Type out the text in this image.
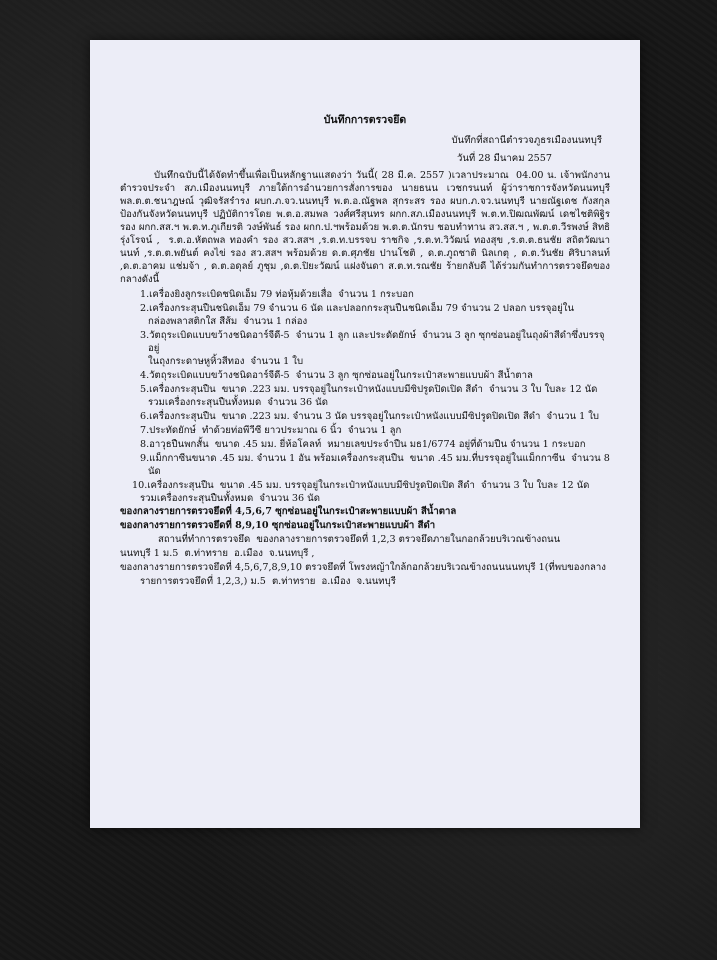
บันทึกการตรวจยึด
บันทึกที่สถานีตำรวจภูธรเมืองนนทบุรี
วันที่ 28 มีนาคม 2557

บันทึกฉบับนี้ได้จัดทำขึ้นเพื่อเป็นหลักฐานแสดงว่า วันนี้( 28 มี.ค. 2557 )เวลาประมาณ  04.00 น. เจ้าพนักงานตำรวจประจำ สภ.เมืองนนทบุรี ภายใต้การอำนวยการสั่งการของ นายธนน เวชกรนนท์ ผู้ว่าราชการจังหวัดนนทบุรี พล.ต.ต.ชนาฎษณ์ วุฒิจรัสรำรง ผบก.ภ.จว.นนทบุรี พ.ต.อ.ณัฐพล สุกระสร รอง ผบก.ภ.จว.นนทบุรี นายณัฐเดช กังสกุล ป้องกันจังหวัดนนทบุรี ปฏิบัติการโดย พ.ต.อ.สมพล วงศ์ศรีสุนทร ผกก.สภ.เมืองนนทบุรี พ.ต.ท.ปิฒณพัฒน์ เดชไชติพิฐิร รอง ผกก.สส.ฯ พ.ต.ท.ภูเกียรติ วงษ์พันธ์ รอง ผกก.ป.ฯพร้อมด้วย พ.ต.ต.นักรบ ชอบทำทาน สว.สส.ฯ , พ.ต.ต.วีรพงษ์ สิทธิรุ่งโรจน์ ,  ร.ต.อ.หัตถพล ทองคำ รอง สว.สสฯ ,ร.ต.ท.บรรจบ ราชกิจ ,ร.ต.ท.วิวัฒน์ ทองสุข ,ร.ต.ต.ธนชัย สถิตวัฒนานนท์ ,ร.ต.ต.พยันต์ คงไข่ รอง สว.สสฯ พร้อมด้วย ด.ต.ศุภชัย ปานโชติ , ด.ต.ภูถชาติ นิลเกตุ , ด.ต.วันชัย ศิริบาลนท์ ,ด.ต.อาคม แช่มจ้า , ด.ต.อดุลย์ ภูชุม ,ด.ต.ปิยะวัฒน์ แฝงจันดา ส.ต.ท.รณชัย ร้ายกลับดี ได้ร่วมกันทำการตรวจยึดของกลางดังนี้

1.เครื่องยิงลูกระเบิดชนิดเอ็ม 79 ท่อหุ้มด้วยเสื่อ  จำนวน 1 กระบอก

2.เครื่องกระสุนปืนชนิดเอ็ม 79 จำนวน 6 นัด และปลอกกระสุนปืนชนิดเอ็ม 79 จำนวน 2 ปลอก บรรจุอยู่ใน
กล่องพลาสติกใส สีส้ม  จำนวน 1 กล่อง

3.วัตถุระเบิดแบบขว้างชนิดอาร์จีดี-5  จำนวน 1 ลูก และประดัดยักษ์  จำนวน 3 ลูก ซุกซ่อนอยู่ในถุงผ้าสีดำซึ่งบรรจุอยู่
ในถุงกระดาษหูหิ้วสีทอง  จำนวน 1 ใบ

4.วัตถุระเบิดแบบขว้างชนิดอาร์จีดี-5  จำนวน 3 ลูก ซุกซ่อนอยู่ในกระเป๋าสะพายแบบผ้า สีน้ำตาล

5.เครื่องกระสุนปืน  ขนาด .223 มม. บรรจุอยู่ในกระเป๋าหนังแบบมีซิปรูดปิดเปิด สีดำ  จำนวน 3 ใบ ใบละ 12 นัด
รวมเครื่องกระสุนปืนทั้งหมด  จำนวน 36 นัด

6.เครื่องกระสุนปืน  ขนาด .223 มม. จำนวน 3 นัด บรรจุอยู่ในกระเป๋าหนังแบบมีซิปรูดปิดเปิด สีดำ  จำนวน 1 ใบ

7.ประทัดยักษ์  ทำด้วยท่อพีวีซี ยาวประมาณ 6 นิ้ว  จำนวน 1 ลูก

8.อาวุธปืนพกสั้น  ขนาด .45 มม. ยี่ห้อโคลท์  หมายเลขประจำปืน มธ1/6774 อยู่ที่ด้ามปืน จำนวน 1 กระบอก

9.แม็กกาซีนขนาด .45 มม. จำนวน 1 อัน พร้อมเครื่องกระสุนปืน  ขนาด .45 มม.ที่บรรจุอยู่ในแม็กกาซีน  จำนวน 8 นัด

10.เครื่องกระสุนปืน  ขนาด .45 มม. บรรจุอยู่ในกระเป๋าหนังแบบมีซิปรูดปิดเปิด สีดำ  จำนวน 3 ใบ ใบละ 12 นัด
รวมเครื่องกระสุนปืนทั้งหมด  จำนวน 36 นัด

ของกลางรายการตรวจยึดที่ 4,5,6,7 ซุกซ่อนอยู่ในกระเป๋าสะพายแบบผ้า สีน้ำตาล

ของกลางรายการตรวจยึดที่ 8,9,10 ซุกซ่อนอยู่ในกระเป๋าสะพายแบบผ้า สีดำ

สถานที่ทำการตรวจยึด  ของกลางรายการตรวจยึดที่ 1,2,3 ตรวจยึดภายในกอกล้วยบริเวณข้างถนน

นนทบุรี 1 ม.5  ต.ท่าทราย  อ.เมือง  จ.นนทบุรี ,

ของกลางรายการตรวจยึดที่ 4,5,6,7,8,9,10 ตรวจยึดที่ โพรงหญ้าใกล้กอกล้วยบริเวณข้างถนนนนทบุรี 1(ที่พบของกลาง

รายการตรวจยึดที่ 1,2,3,) ม.5  ต.ท่าทราย  อ.เมือง  จ.นนทบุรี
